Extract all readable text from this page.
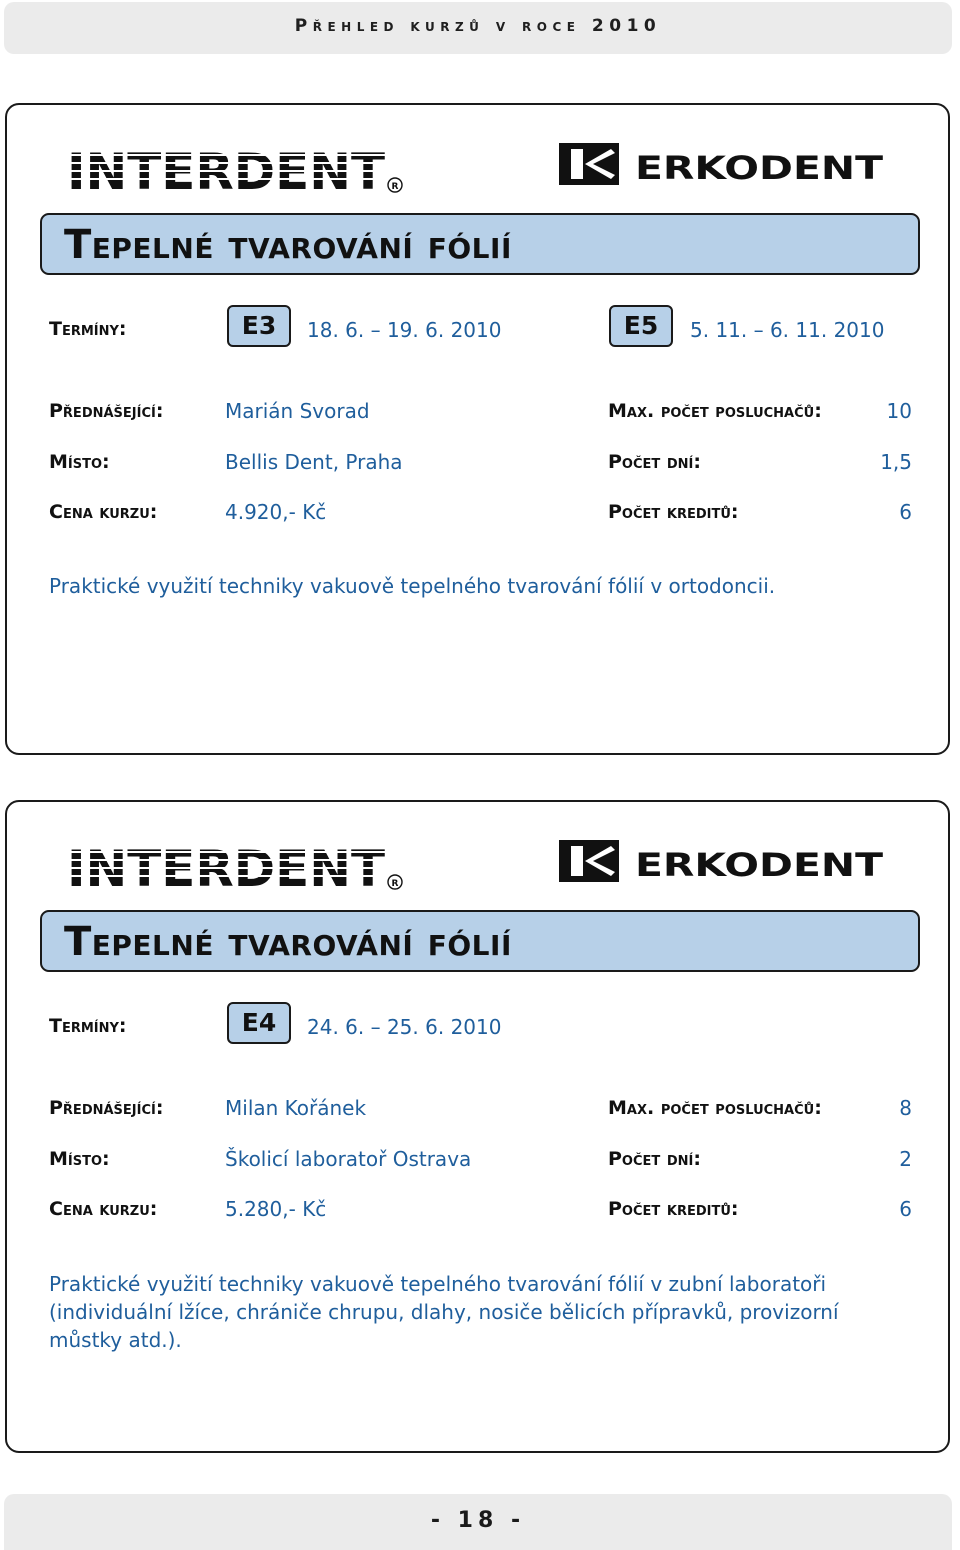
Přehled kurzů v roce 2010
INTERDENT R	ERKODENT
Tepelné tvarování fólií
Termíny:	E3	18. 6. – 19. 6. 2010	E5	5. 11. – 6. 11. 2010
Přednášející:	Marián Svorad	Max. počet posluchačů:	10
Místo:	Bellis Dent, Praha	Počet dní:	1,5
Cena kurzu:	4.920,- Kč	Počet kreditů:	6
Praktické využití techniky vakuově tepelného tvarování fólií v ortodoncii.
INTERDENT R	ERKODENT
Tepelné tvarování fólií
Termíny:	E4	24. 6. – 25. 6. 2010
Přednášející:	Milan Kořánek	Max. počet posluchačů:	8
Místo:	Školicí laboratoř Ostrava	Počet dní:	2
Cena kurzu:	5.280,- Kč	Počet kreditů:	6
Praktické využití techniky vakuově tepelného tvarování fólií v zubní laboratoři (individuální lžíce, chrániče chrupu, dlahy, nosiče bělicích přípravků, provizorní můstky atd.).
- 18 -
